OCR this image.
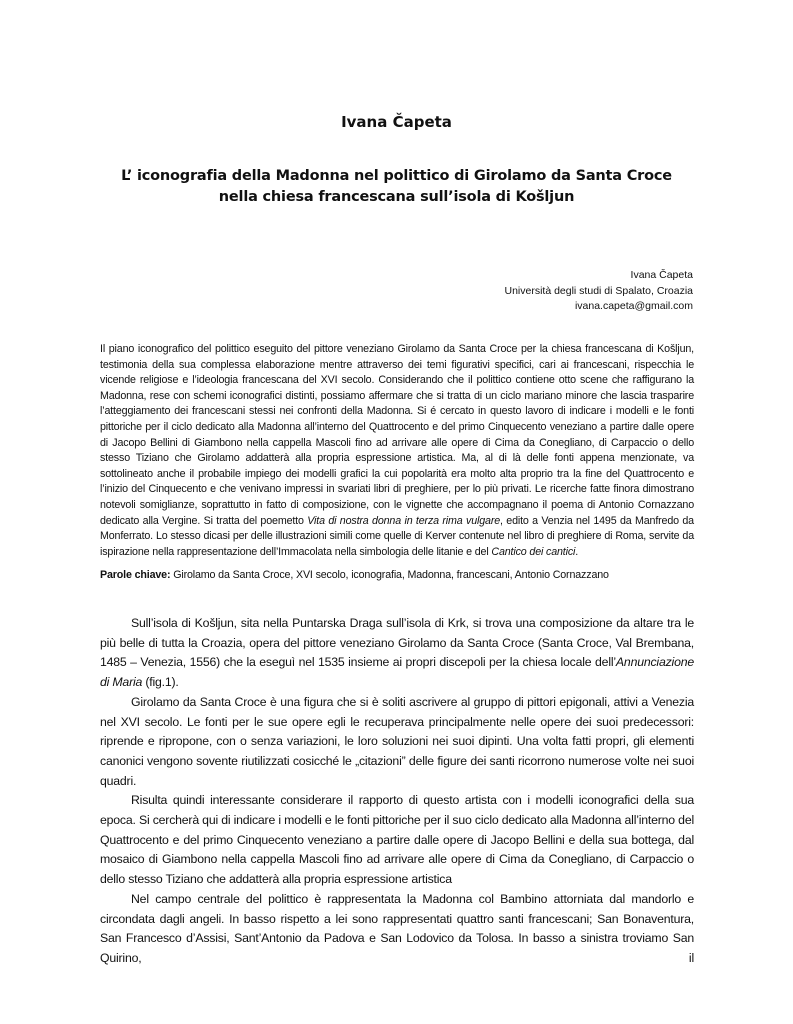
Ivana Čapeta
L’ iconografia della Madonna nel polittico di Girolamo da Santa Croce nella chiesa francescana sull’isola di Košljun
Ivana Čapeta
Università degli studi di Spalato, Croazia
ivana.capeta@gmail.com
Il piano iconografico del polittico eseguito del pittore veneziano Girolamo da Santa Croce per la chiesa francescana di Košljun, testimonia della sua complessa elaborazione mentre attraverso dei temi figurativi specifici, cari ai francescani, rispecchia le vicende religiose e l’ideologia francescana del XVI secolo. Considerando che il polittico contiene otto scene che raffigurano la Madonna, rese con schemi iconografici distinti, possiamo affermare che si tratta di un ciclo mariano minore che lascia trasparire l’atteggiamento dei francescani stessi nei confronti della Madonna. Si é cercato in questo lavoro di indicare i modelli e le fonti pittoriche per il ciclo dedicato alla Madonna all’interno del Quattrocento e del primo Cinquecento veneziano a partire dalle opere di Jacopo Bellini di Giambono nella cappella Mascoli fino ad arrivare alle opere di Cima da Conegliano, di Carpaccio o dello stesso Tiziano che Girolamo addatterà alla propria espressione artistica. Ma, al di là delle fonti appena menzionate, va sottolineato anche il probabile impiego dei modelli grafici la cui popolarità era molto alta proprio tra la fine del Quattrocento e l’inizio del Cinquecento e che venivano impressi in svariati libri di preghiere, per lo più privati. Le ricerche fatte finora dimostrano notevoli somiglianze, soprattutto in fatto di composizione, con le vignette che accompagnano il poema di Antonio Cornazzano dedicato alla Vergine. Si tratta del poemetto Vita di nostra donna in terza rima vulgare, edito a Venzia nel 1495 da Manfredo da Monferrato. Lo stesso dicasi per delle illustrazioni simili come quelle di Kerver contenute nel libro di preghiere di Roma, servite da ispirazione nella rappresentazione dell’Immacolata nella simbologia delle litanie e del Cantico dei cantici.
Parole chiave: Girolamo da Santa Croce, XVI secolo, iconografia, Madonna, francescani, Antonio Cornazzano

Sull’isola di Košljun, sita nella Puntarska Draga sull’isola di Krk, si trova una composizione da altare tra le più belle di tutta la Croazia, opera del pittore veneziano Girolamo da Santa Croce (Santa Croce, Val Brembana, 1485 – Venezia, 1556) che la eseguì nel 1535 insieme ai propri discepoli per la chiesa locale dell’Annunciazione di Maria (fig.1).

Girolamo da Santa Croce è una figura che si è soliti ascrivere al gruppo di pittori epigonali, attivi a Venezia nel XVI secolo. Le fonti per le sue opere egli le recuperava principalmente nelle opere dei suoi predecessori: riprende e ripropone, con o senza variazioni, le loro soluzioni nei suoi dipinti. Una volta fatti propri, gli elementi canonici vengono sovente riutilizzati cosicché le „citazioni” delle figure dei santi ricorrono numerose volte nei suoi quadri.

Risulta quindi interessante considerare il rapporto di questo artista con i modelli iconografici della sua epoca. Si cercherà qui di indicare i modelli e le fonti pittoriche per il suo ciclo dedicato alla Madonna all’interno del Quattrocento e del primo Cinquecento veneziano a partire dalle opere di Jacopo Bellini e della sua bottega, dal mosaico di Giambono nella cappella Mascoli fino ad arrivare alle opere di Cima da Conegliano, di Carpaccio o dello stesso Tiziano che addatterà alla propria espressione artistica

Nel campo centrale del polittico è rappresentata la Madonna col Bambino attorniata dal mandorlo e circondata dagli angeli. In basso rispetto a lei sono rappresentati quattro santi francescani; San Bonaventura, San Francesco d’Assisi, Sant’Antonio da Padova e San Lodovico da Tolosa. In basso a sinistra troviamo San Quirino, il
